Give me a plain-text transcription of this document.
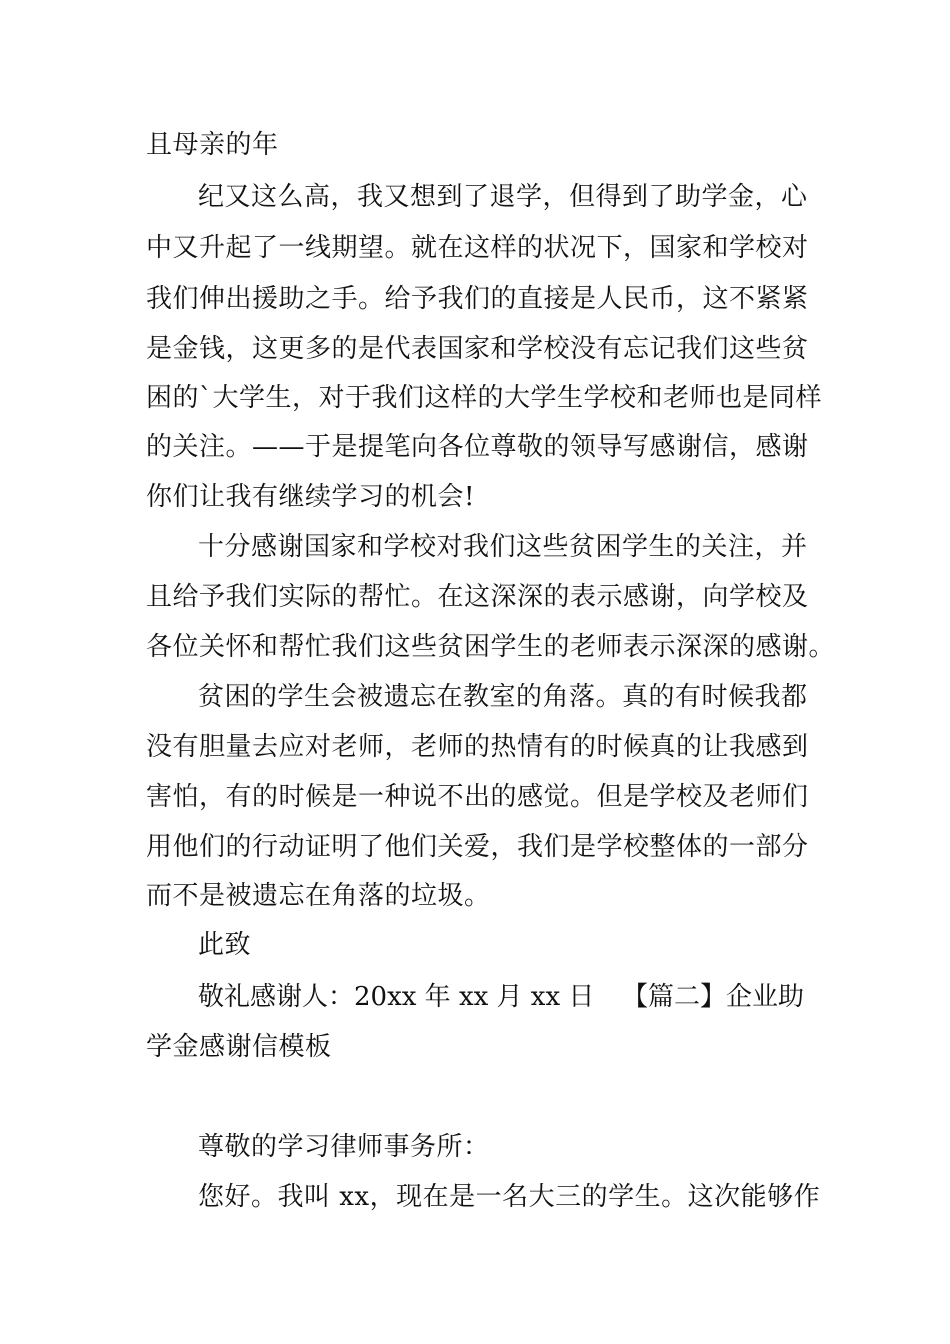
且母亲的年
纪又这么高，我又想到了退学，但得到了助学金，心
中又升起了一线期望。就在这样的状况下，国家和学校对
我们伸出援助之手。给予我们的直接是人民币，这不紧紧
是金钱，这更多的是代表国家和学校没有忘记我们这些贫
困的`大学生，对于我们这样的大学生学校和老师也是同样
的关注。——于是提笔向各位尊敬的领导写感谢信，感谢
你们让我有继续学习的机会!
十分感谢国家和学校对我们这些贫困学生的关注，并
且给予我们实际的帮忙。在这深深的表示感谢，向学校及
各位关怀和帮忙我们这些贫困学生的老师表示深深的感谢。
贫困的学生会被遗忘在教室的角落。真的有时候我都
没有胆量去应对老师，老师的热情有的时候真的让我感到
害怕，有的时候是一种说不出的感觉。但是学校及老师们
用他们的行动证明了他们关爱，我们是学校整体的一部分
而不是被遗忘在角落的垃圾。
此致
敬礼感谢人：20xx 年 xx 月 xx 日 【篇二】企业助
学金感谢信模板
尊敬的学习律师事务所：
您好。我叫 xx，现在是一名大三的学生。这次能够作
